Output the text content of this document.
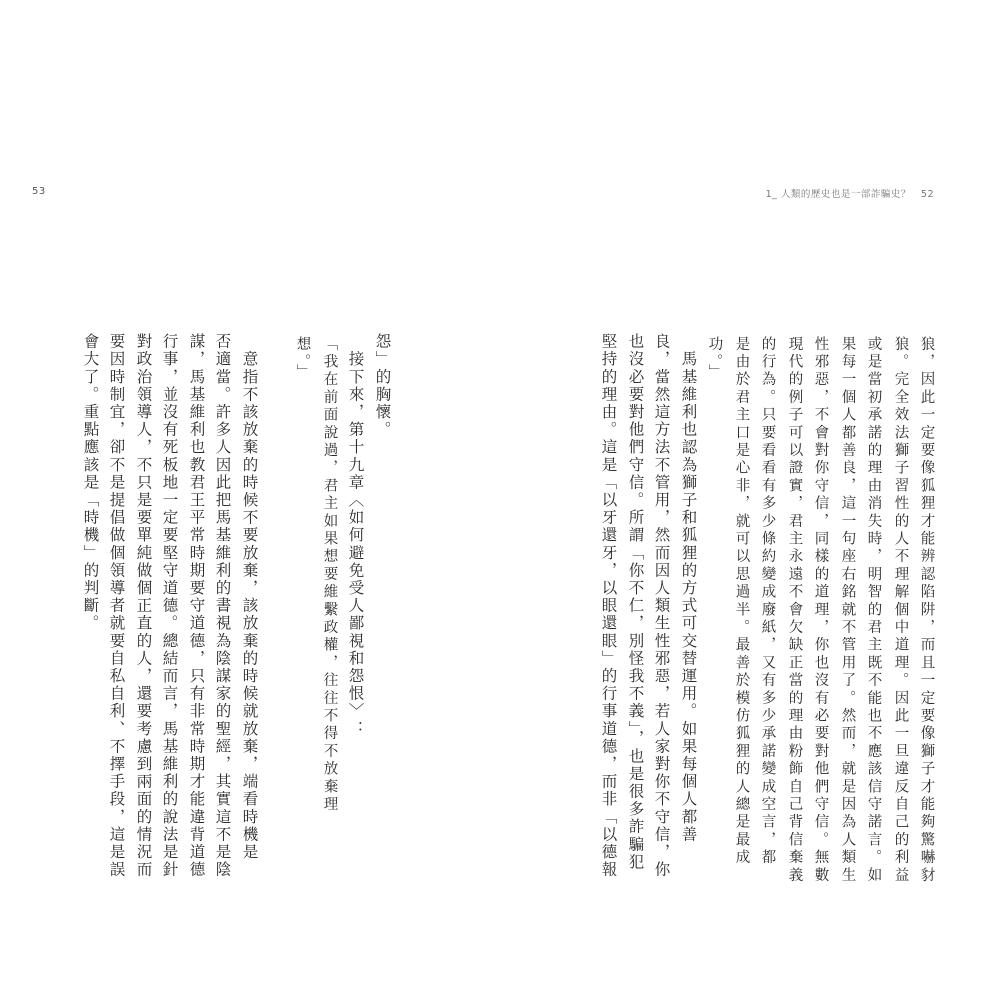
53	1_ 人類的歷史也是一部詐騙史？　 52
狼，因此一定要像狐狸才能辨認陷阱，而且一定要像獅子才能夠驚嚇豺
狼。完全效法獅子習性的人不理解個中道理。因此一旦違反自己的利益
或是當初承諾的理由消失時，明智的君主既不能也不應該信守諾言。如
果每一個人都善良，這一句座右銘就不管用了。然而，就是因為人類生
性邪惡，不會對你守信，同樣的道理，你也沒有必要對他們守信。無數
現代的例子可以證實，君主永遠不會欠缺正當的理由粉飾自己背信棄義
的行為。只要看看有多少條約變成廢紙，又有多少承諾變成空言，都
是由於君主口是心非，就可以思過半。最善於模仿狐狸的人總是最成
功。」
　馬基維利也認為獅子和狐狸的方式可交替運用。如果每個人都善
良，當然這方法不管用，然而因人類生性邪惡，若人家對你不守信，你
也沒必要對他們守信。所謂「你不仁，別怪我不義」，也是很多詐騙犯
堅持的理由。這是「以牙還牙，以眼還眼」的行事道德，而非「以德報
怨」的胸懷。
　接下來，第十九章〈如何避免受人鄙視和怨恨〉：
「我在前面說過，君主如果想要維繫政權，往往不得不放棄理
想。」
　意指不該放棄的時候不要放棄，該放棄的時候就放棄，端看時機是
否適當。許多人因此把馬基維利的書視為陰謀家的聖經，其實這不是陰
謀，馬基維利也教君王平常時期要守道德，只有非常時期才能違背道德
行事，並沒有死板地一定要堅守道德。總結而言，馬基維利的說法是針
對政治領導人，不只是要單純做個正直的人，還要考慮到兩面的情況而
要因時制宜，卻不是提倡做個領導者就要自私自利、不擇手段，這是誤
會大了。重點應該是「時機」的判斷。
